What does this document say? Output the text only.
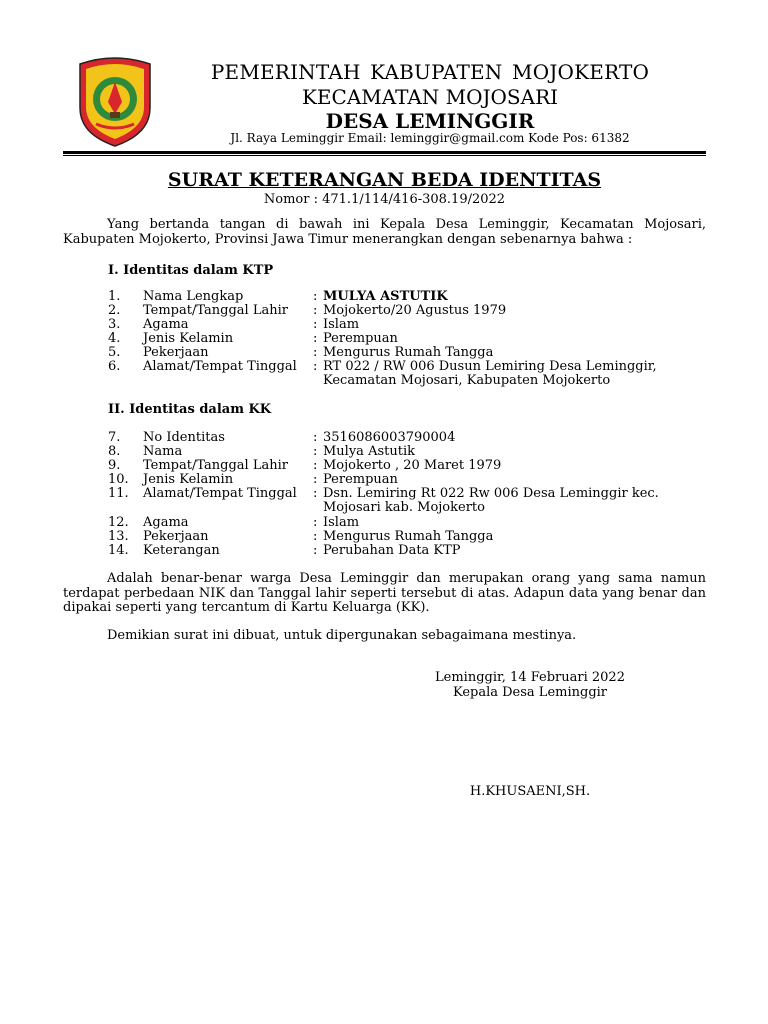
PEMERINTAH KABUPATEN MOJOKERTO
KECAMATAN MOJOSARI
DESA LEMINGGIR
Jl. Raya Leminggir Email: leminggir@gmail.com Kode Pos: 61382
SURAT KETERANGAN BEDA IDENTITAS
Nomor : 471.1/114/416-308.19/2022
Yang bertanda tangan di bawah ini Kepala Desa Leminggir, Kecamatan Mojosari, Kabupaten Mojokerto, Provinsi Jawa Timur menerangkan dengan sebenarnya bahwa :
I. Identitas dalam KTP
1.	Nama Lengkap	: MULYA ASTUTIK
2.	Tempat/Tanggal Lahir	: Mojokerto/20 Agustus 1979
3.	Agama	: Islam
4.	Jenis Kelamin	: Perempuan
5.	Pekerjaan	: Mengurus Rumah Tangga
6.	Alamat/Tempat Tinggal	: RT 022 / RW 006 Dusun Lemiring Desa Leminggir,
Kecamatan Mojosari, Kabupaten Mojokerto
II. Identitas dalam KK
7.	No Identitas	: 3516086003790004
8.	Nama	: Mulya Astutik
9.	Tempat/Tanggal Lahir	: Mojokerto , 20 Maret 1979
10.	Jenis Kelamin	: Perempuan
11.	Alamat/Tempat Tinggal	: Dsn. Lemiring Rt 022 Rw 006 Desa Leminggir kec.
Mojosari kab. Mojokerto
12.	Agama	: Islam
13.	Pekerjaan	: Mengurus Rumah Tangga
14.	Keterangan	: Perubahan Data KTP
Adalah benar-benar warga Desa Leminggir dan merupakan orang yang sama namun terdapat perbedaan NIK dan Tanggal lahir seperti tersebut di atas. Adapun data yang benar dan dipakai seperti yang tercantum di Kartu Keluarga (KK).
Demikian surat ini dibuat, untuk dipergunakan sebagaimana mestinya.
Leminggir, 14 Februari 2022
Kepala Desa Leminggir
H.KHUSAENI,SH.
